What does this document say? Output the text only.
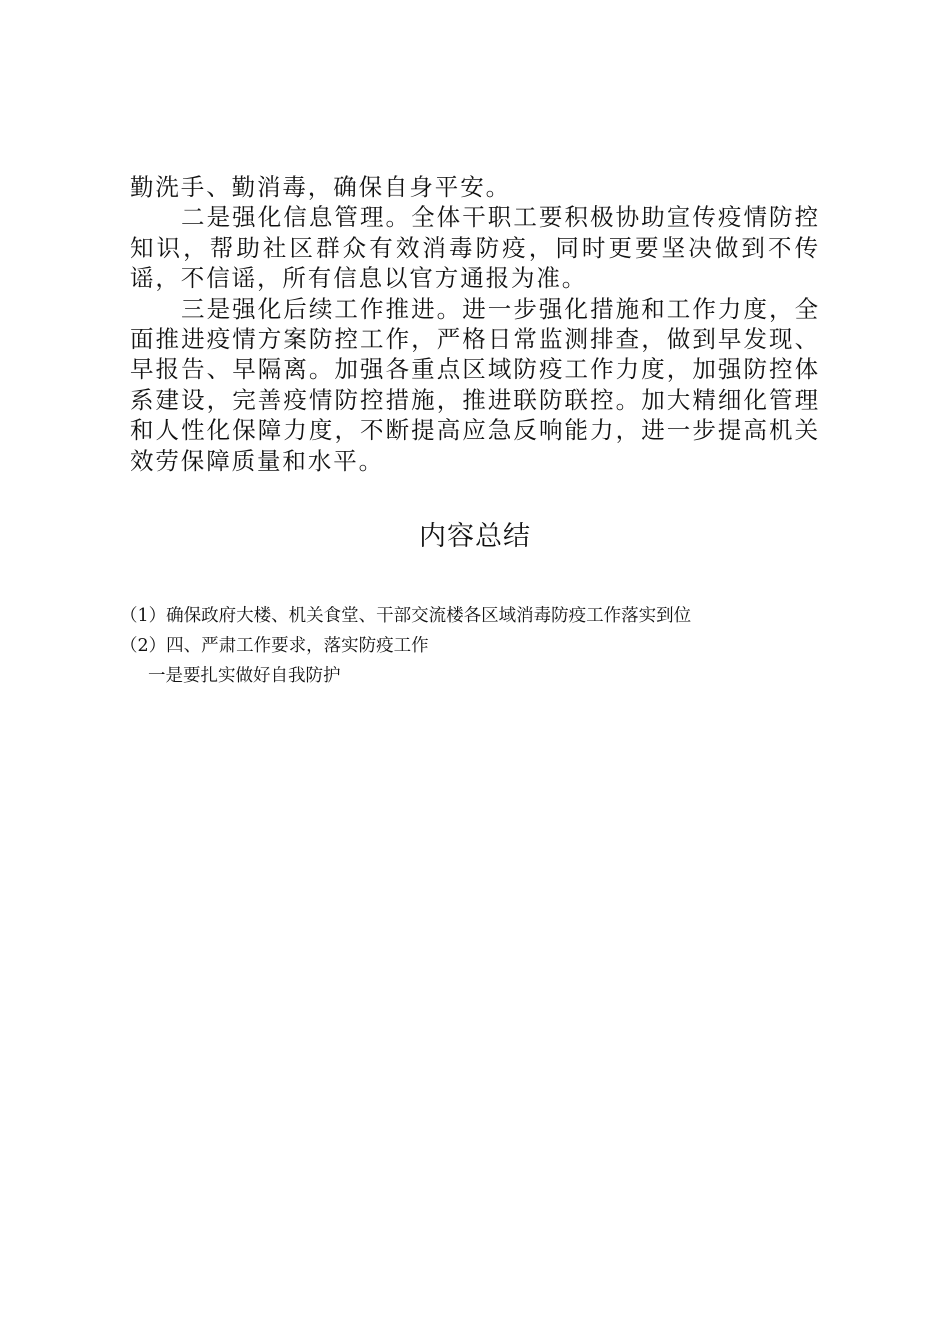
勤洗手、勤消毒，确保自身平安。

二是强化信息管理。全体干职工要积极协助宣传疫情防控知识，帮助社区群众有效消毒防疫，同时更要坚决做到不传谣，不信谣，所有信息以官方通报为准。

三是强化后续工作推进。进一步强化措施和工作力度，全面推进疫情方案防控工作，严格日常监测排查，做到早发现、早报告、早隔离。加强各重点区域防疫工作力度，加强防控体系建设，完善疫情防控措施，推进联防联控。加大精细化管理和人性化保障力度，不断提高应急反响能力，进一步提高机关效劳保障质量和水平。

内容总结
（1）确保政府大楼、机关食堂、干部交流楼各区域消毒防疫工作落实到位
（2）四、严肃工作要求，落实防疫工作
一是要扎实做好自我防护
